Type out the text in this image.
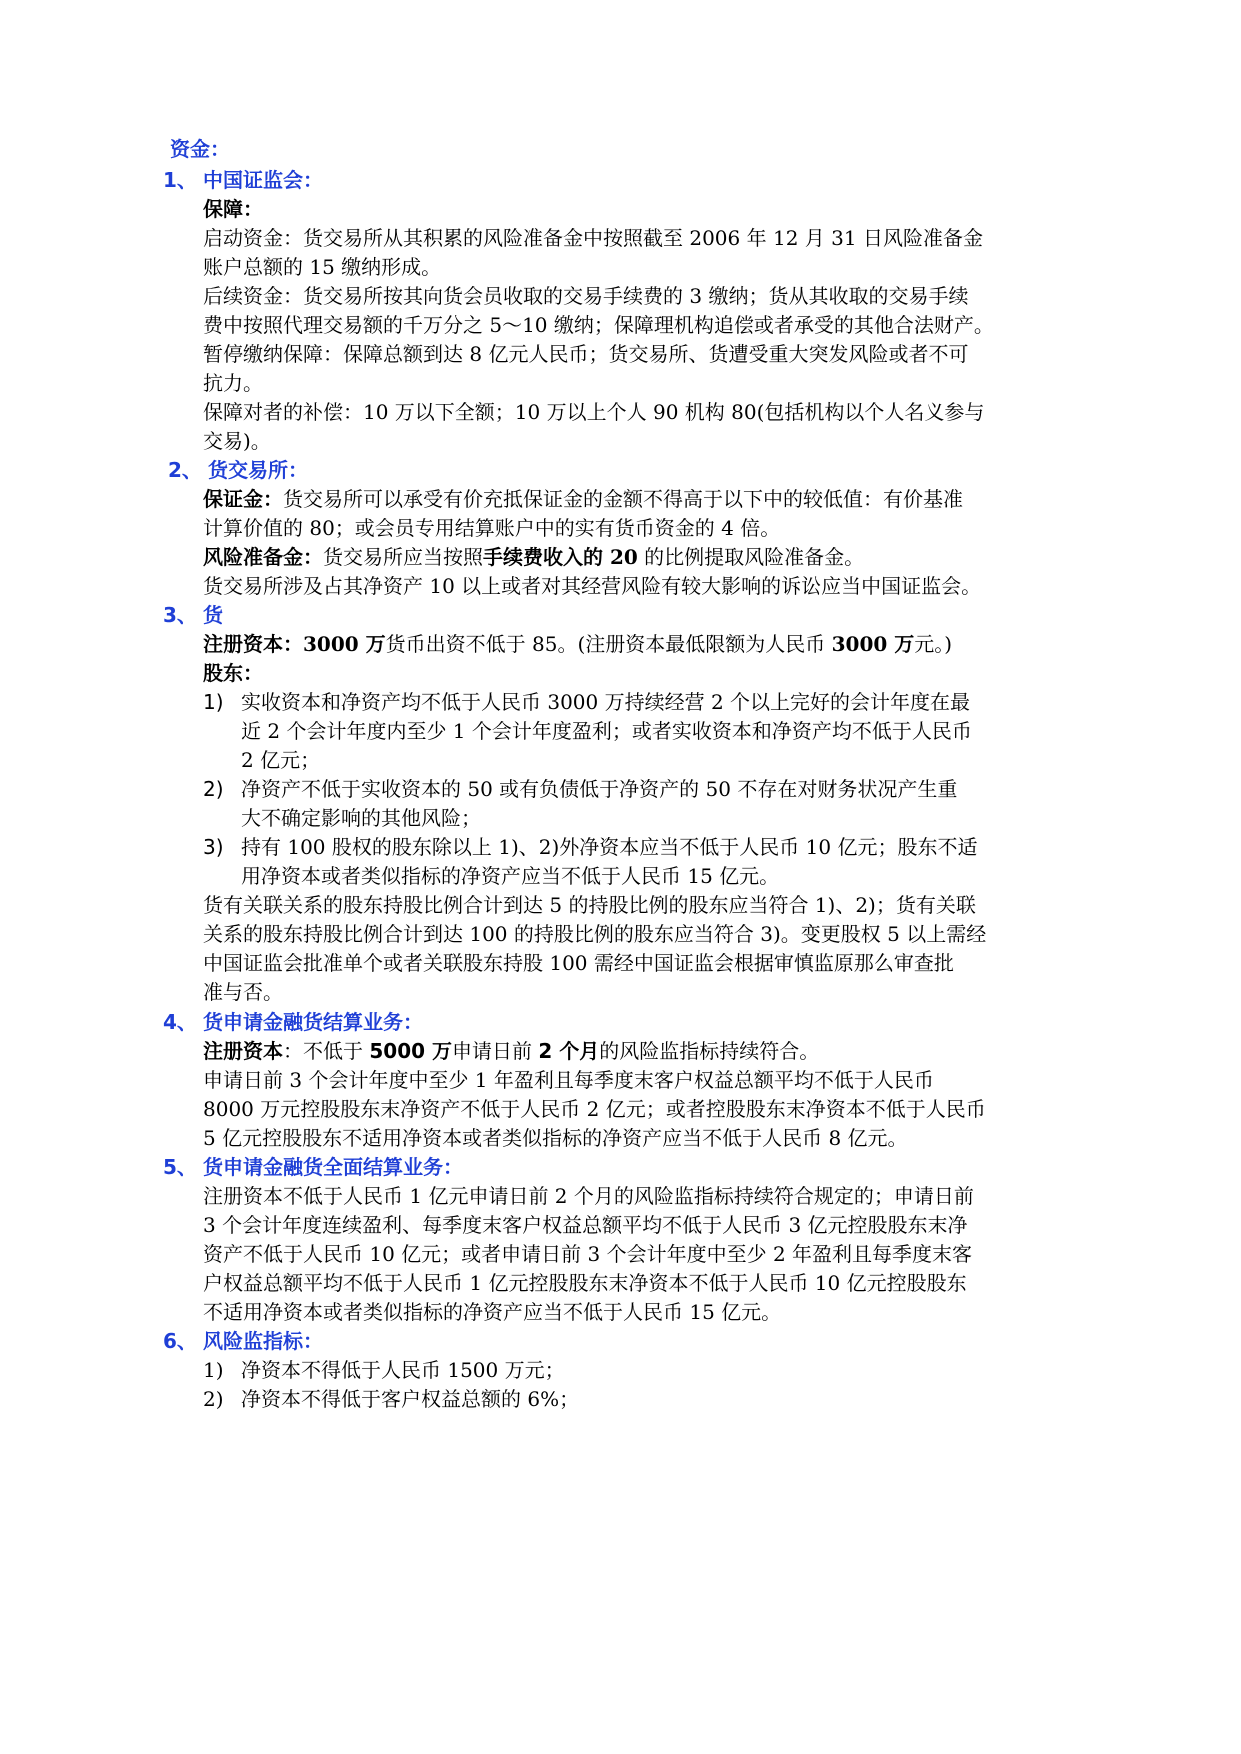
资金：
1、 中国证监会：
保障：
启动资金：货交易所从其积累的风险准备金中按照截至 2006 年 12 月 31 日风险准备金
账户总额的 15 缴纳形成。
后续资金：货交易所按其向货会员收取的交易手续费的 3 缴纳；货从其收取的交易手续
费中按照代理交易额的千万分之 5～10 缴纳；保障理机构追偿或者承受的其他合法财产。
暂停缴纳保障：保障总额到达 8 亿元人民币；货交易所、货遭受重大突发风险或者不可
抗力。
保障对者的补偿：10 万以下全额；10 万以上个人 90 机构 80(包括机构以个人名义参与
交易)。
2、 货交易所：
保证金：货交易所可以承受有价充抵保证金的金额不得高于以下中的较低值：有价基准
计算价值的 80；或会员专用结算账户中的实有货币资金的 4 倍。
风险准备金：货交易所应当按照手续费收入的 20 的比例提取风险准备金。
货交易所涉及占其净资产 10 以上或者对其经营风险有较大影响的诉讼应当中国证监会。
3、 货
注册资本：3000 万货币出资不低于 85。(注册资本最低限额为人民币 3000 万元。)
股东：
1) 实收资本和净资产均不低于人民币 3000 万持续经营 2 个以上完好的会计年度在最
近 2 个会计年度内至少 1 个会计年度盈利；或者实收资本和净资产均不低于人民币
2 亿元；
2) 净资产不低于实收资本的 50 或有负债低于净资产的 50 不存在对财务状况产生重
大不确定影响的其他风险；
3) 持有 100 股权的股东除以上 1)、2)外净资本应当不低于人民币 10 亿元；股东不适
用净资本或者类似指标的净资产应当不低于人民币 15 亿元。
货有关联关系的股东持股比例合计到达 5 的持股比例的股东应当符合 1)、2)；货有关联
关系的股东持股比例合计到达 100 的持股比例的股东应当符合 3)。变更股权 5 以上需经
中国证监会批准单个或者关联股东持股 100 需经中国证监会根据审慎监原那么审查批
准与否。
4、 货申请金融货结算业务：
注册资本：不低于 5000 万申请日前 2 个月的风险监指标持续符合。
申请日前 3 个会计年度中至少 1 年盈利且每季度末客户权益总额平均不低于人民币
8000 万元控股股东末净资产不低于人民币 2 亿元；或者控股股东末净资本不低于人民币
5 亿元控股股东不适用净资本或者类似指标的净资产应当不低于人民币 8 亿元。
5、 货申请金融货全面结算业务：
注册资本不低于人民币 1 亿元申请日前 2 个月的风险监指标持续符合规定的；申请日前
3 个会计年度连续盈利、每季度末客户权益总额平均不低于人民币 3 亿元控股股东末净
资产不低于人民币 10 亿元；或者申请日前 3 个会计年度中至少 2 年盈利且每季度末客
户权益总额平均不低于人民币 1 亿元控股股东末净资本不低于人民币 10 亿元控股股东
不适用净资本或者类似指标的净资产应当不低于人民币 15 亿元。
6、 风险监指标：
1) 净资本不得低于人民币 1500 万元；
2) 净资本不得低于客户权益总额的 6%；
